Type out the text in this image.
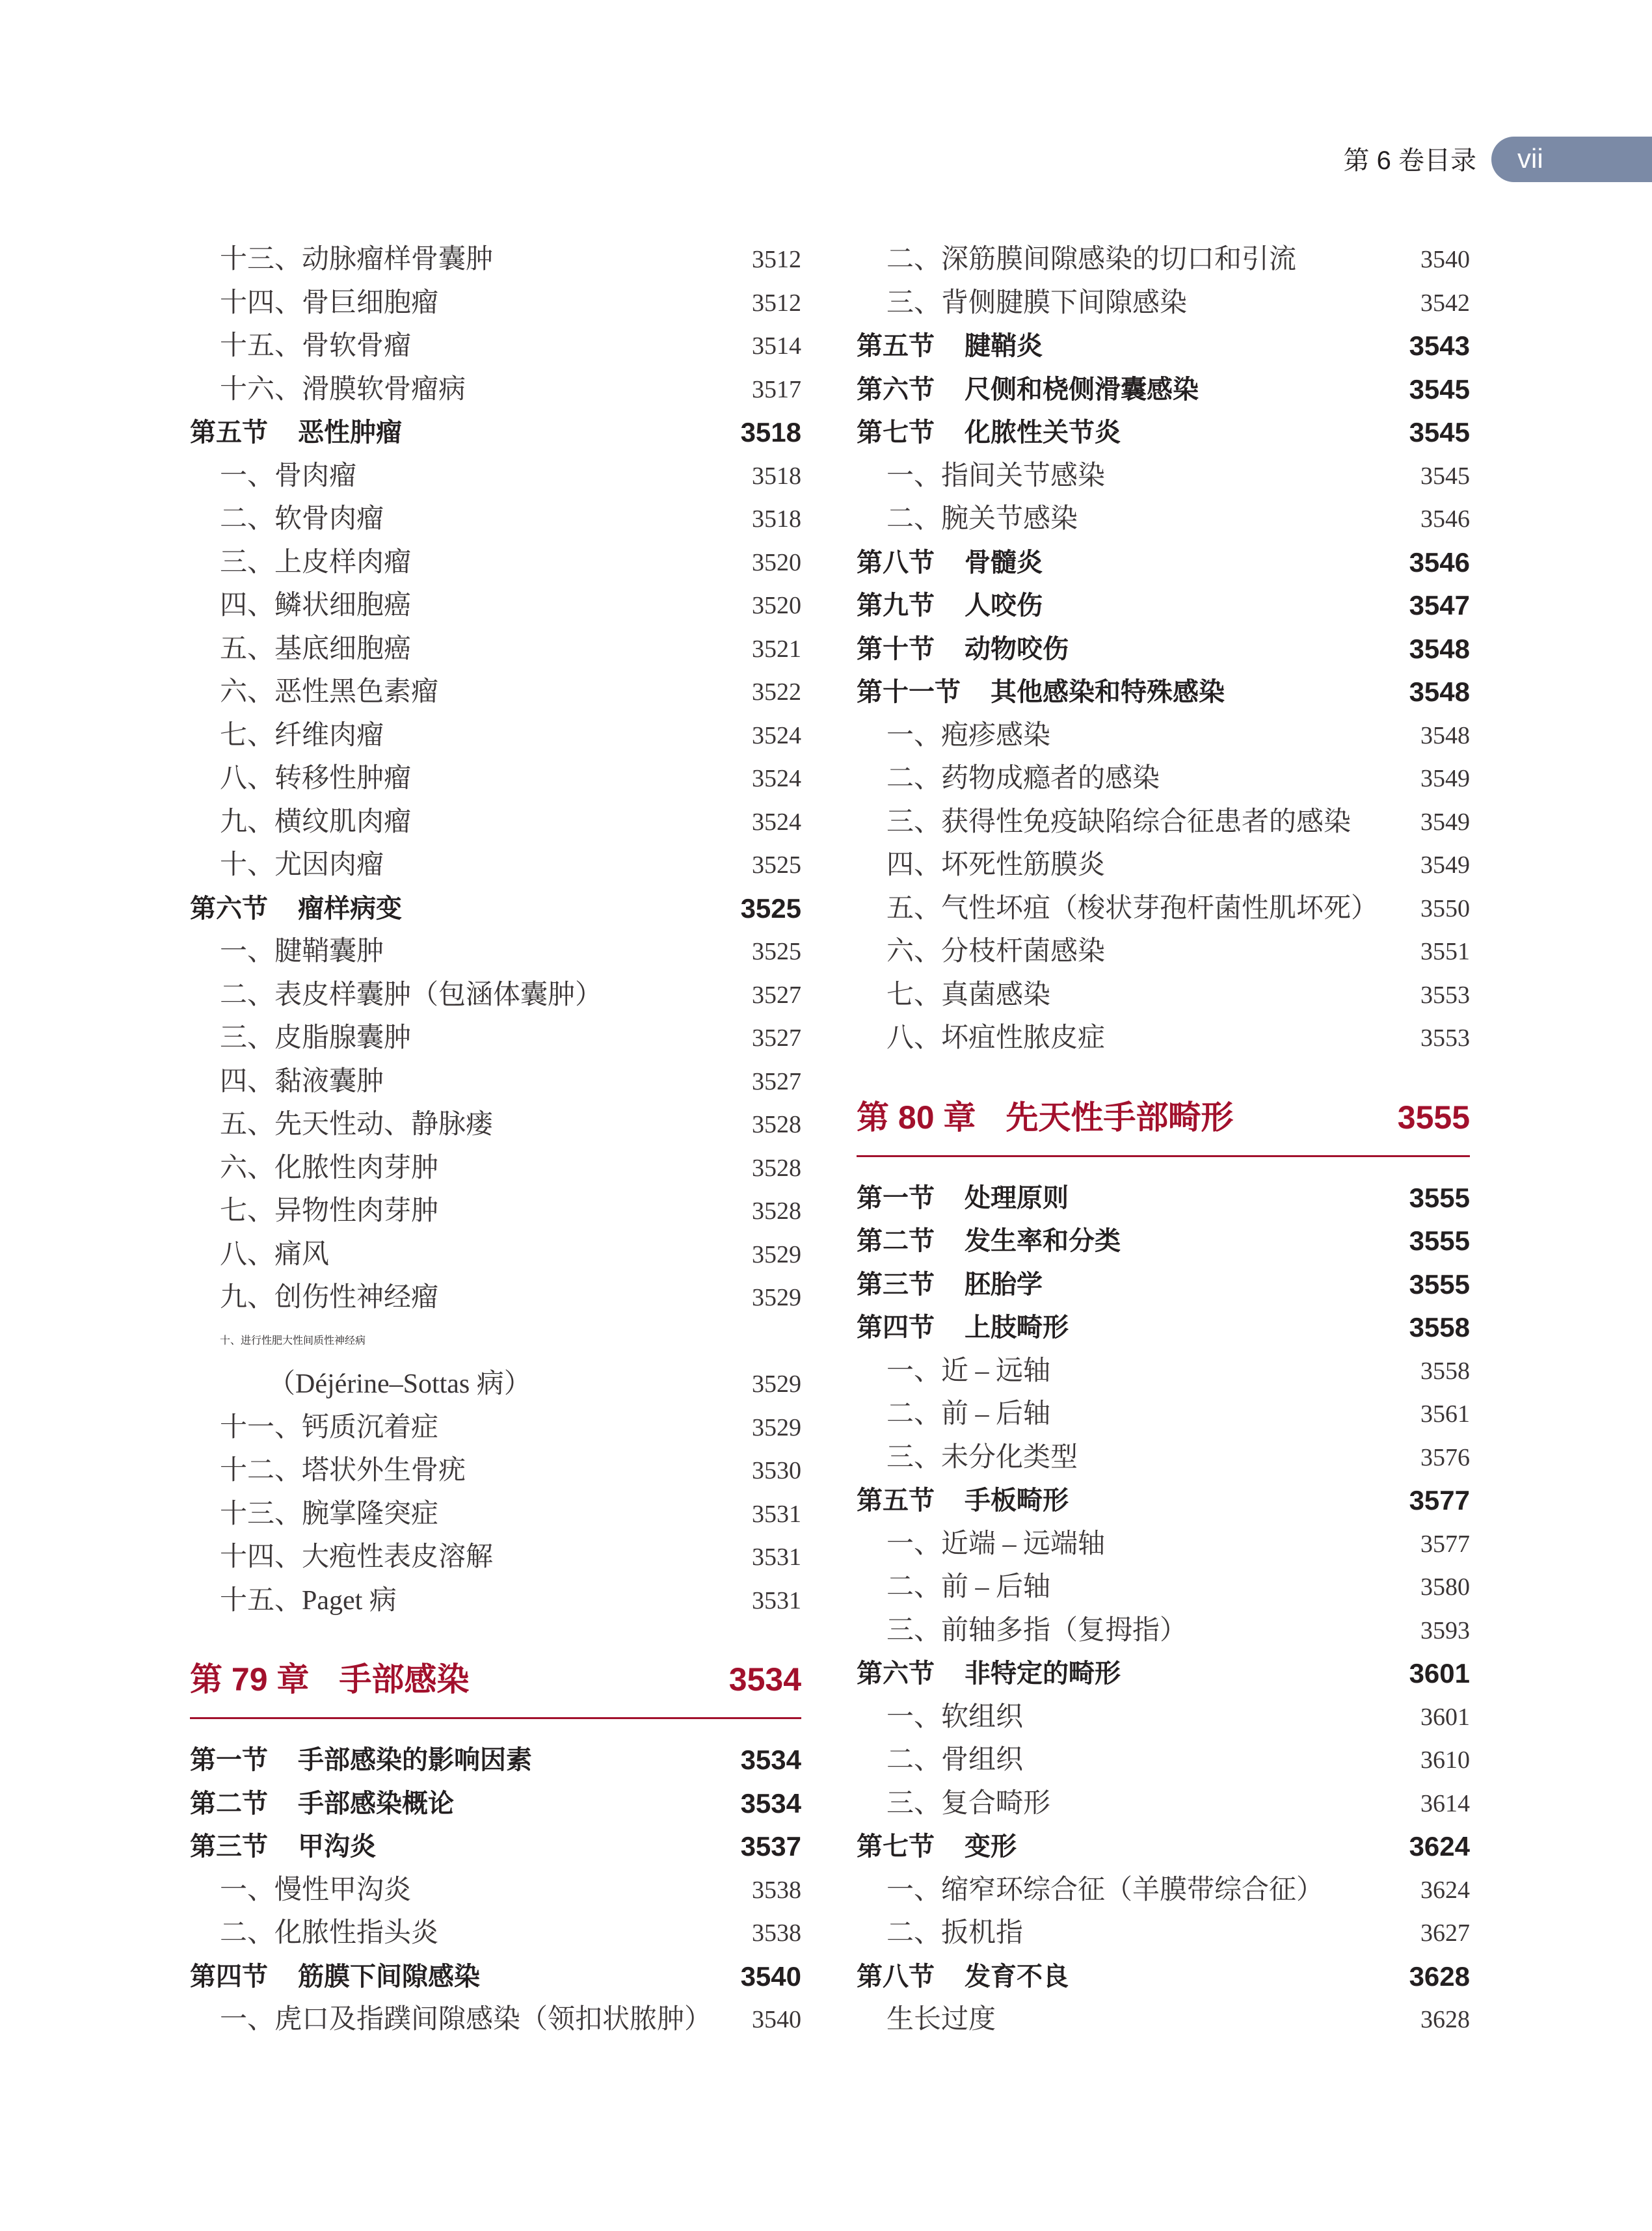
第 6 卷目录 vii
十三、动脉瘤样骨囊肿	3512
十四、骨巨细胞瘤	3512
十五、骨软骨瘤	3514
十六、滑膜软骨瘤病	3517
第五节 恶性肿瘤	3518
一、骨肉瘤	3518
二、软骨肉瘤	3518
三、上皮样肉瘤	3520
四、鳞状细胞癌	3520
五、基底细胞癌	3521
六、恶性黑色素瘤	3522
七、纤维肉瘤	3524
八、转移性肿瘤	3524
九、横纹肌肉瘤	3524
十、尤因肉瘤	3525
第六节 瘤样病变	3525
一、腱鞘囊肿	3525
二、表皮样囊肿（包涵体囊肿）	3527
三、皮脂腺囊肿	3527
四、黏液囊肿	3527
五、先天性动、静脉瘘	3528
六、化脓性肉芽肿	3528
七、异物性肉芽肿	3528
八、痛风	3529
九、创伤性神经瘤	3529
十、进行性肥大性间质性神经病
（Déjérine–Sottas 病）	3529
十一、钙质沉着症	3529
十二、塔状外生骨疣	3530
十三、腕掌隆突症	3531
十四、大疱性表皮溶解	3531
十五、Paget 病	3531
第 79 章 手部感染	3534
第一节 手部感染的影响因素	3534
第二节 手部感染概论	3534
第三节 甲沟炎	3537
一、慢性甲沟炎	3538
二、化脓性指头炎	3538
第四节 筋膜下间隙感染	3540
一、虎口及指蹼间隙感染（领扣状脓肿）	3540
二、深筋膜间隙感染的切口和引流	3540
三、背侧腱膜下间隙感染	3542
第五节 腱鞘炎	3543
第六节 尺侧和桡侧滑囊感染	3545
第七节 化脓性关节炎	3545
一、指间关节感染	3545
二、腕关节感染	3546
第八节 骨髓炎	3546
第九节 人咬伤	3547
第十节 动物咬伤	3548
第十一节 其他感染和特殊感染	3548
一、疱疹感染	3548
二、药物成瘾者的感染	3549
三、获得性免疫缺陷综合征患者的感染	3549
四、坏死性筋膜炎	3549
五、气性坏疽（梭状芽孢杆菌性肌坏死）	3550
六、分枝杆菌感染	3551
七、真菌感染	3553
八、坏疽性脓皮症	3553
第 80 章 先天性手部畸形	3555
第一节 处理原则	3555
第二节 发生率和分类	3555
第三节 胚胎学	3555
第四节 上肢畸形	3558
一、近 – 远轴	3558
二、前 – 后轴	3561
三、未分化类型	3576
第五节 手板畸形	3577
一、近端 – 远端轴	3577
二、前 – 后轴	3580
三、前轴多指（复拇指）	3593
第六节 非特定的畸形	3601
一、软组织	3601
二、骨组织	3610
三、复合畸形	3614
第七节 变形	3624
一、缩窄环综合征（羊膜带综合征）	3624
二、扳机指	3627
第八节 发育不良	3628
生长过度	3628
